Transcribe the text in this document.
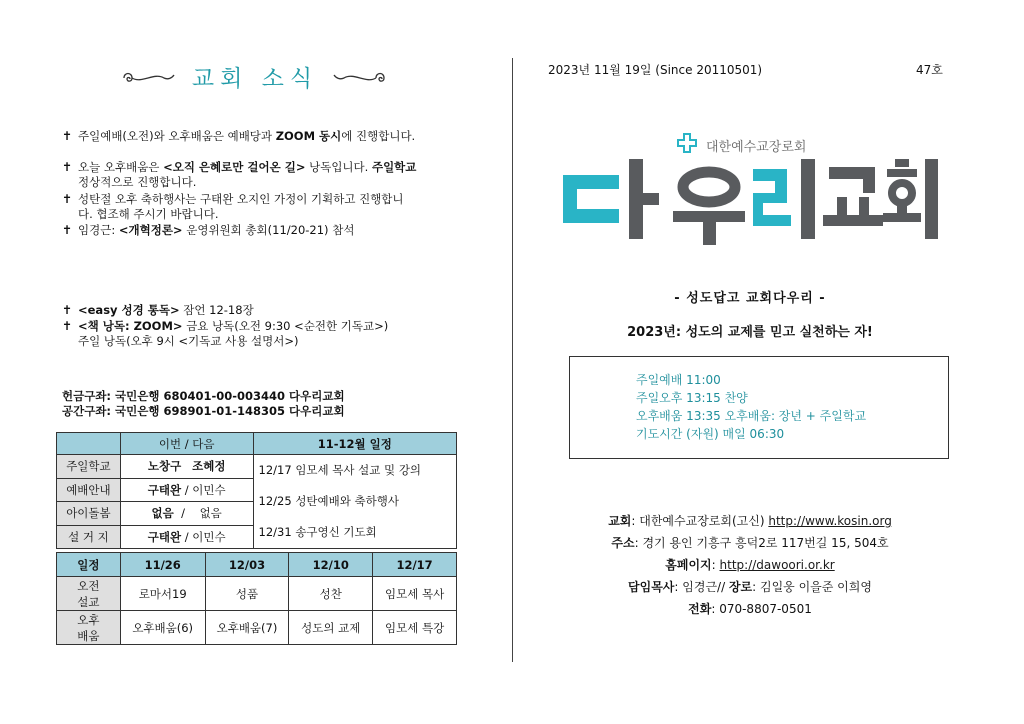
교회 소식
✝ 주일예배(오전)와 오후배움은 예배당과 ZOOM 동시에 진행합니다.
✝ 오늘 오후배움은 <오직 은혜로만 걸어온 길> 낭독입니다. 주일학교
정상적으로 진행합니다.
✝ 성탄절 오후 축하행사는 구태완 오지인 가정이 기획하고 진행합니
다. 협조해 주시기 바랍니다.
✝ 임경근: <개혁정론> 운영위원회 총회(11/20-21) 참석
✝ <easy 성경 통독> 잠언 12-18장
✝ <책 낭독: ZOOM> 금요 낭독(오전 9:30 <순전한 기독교>)
주일 낭독(오후 9시 <기독교 사용 설명서>)
헌금구좌: 국민은행 680401-00-003440 다우리교회
공간구좌: 국민은행 698901-01-148305 다우리교회
	이번 / 다음	11-12월 일정
주일학교	노창구 조혜정	12/17 임모세 목사 설교 및 강의
12/25 성탄예배와 축하행사
12/31 송구영신 기도회

예배안내	구태완 / 이민수	
아이돌봄	없음  /    없음	
설 거 지	구태완 / 이민수	
일정	11/26	12/03	12/10	12/17

오전
설교	로마서19	성품	성찬	임모세 목사

오후
배움	오후배움(6)	오후배움(7)	성도의 교제	임모세 특강
2023년 11월 19일 (Since 20110501)	47호
대한예수교장로회
- 성도답고 교회다우리 -
2023년: 성도의 교제를 믿고 실천하는 자!
주일예배 11:00
주일오후 13:15 찬양
오후배움 13:35 오후배움: 장년 + 주일학교
기도시간 (자원) 매일 06:30
교회: 대한예수교장로회(고신) http://www.kosin.org
주소: 경기 용인 기흥구 흥덕2로 117번길 15, 504호
홈페이지: http://dawoori.or.kr
담임목사: 임경근// 장로: 김일웅 이을준 이희영
전화: 070-8807-0501
